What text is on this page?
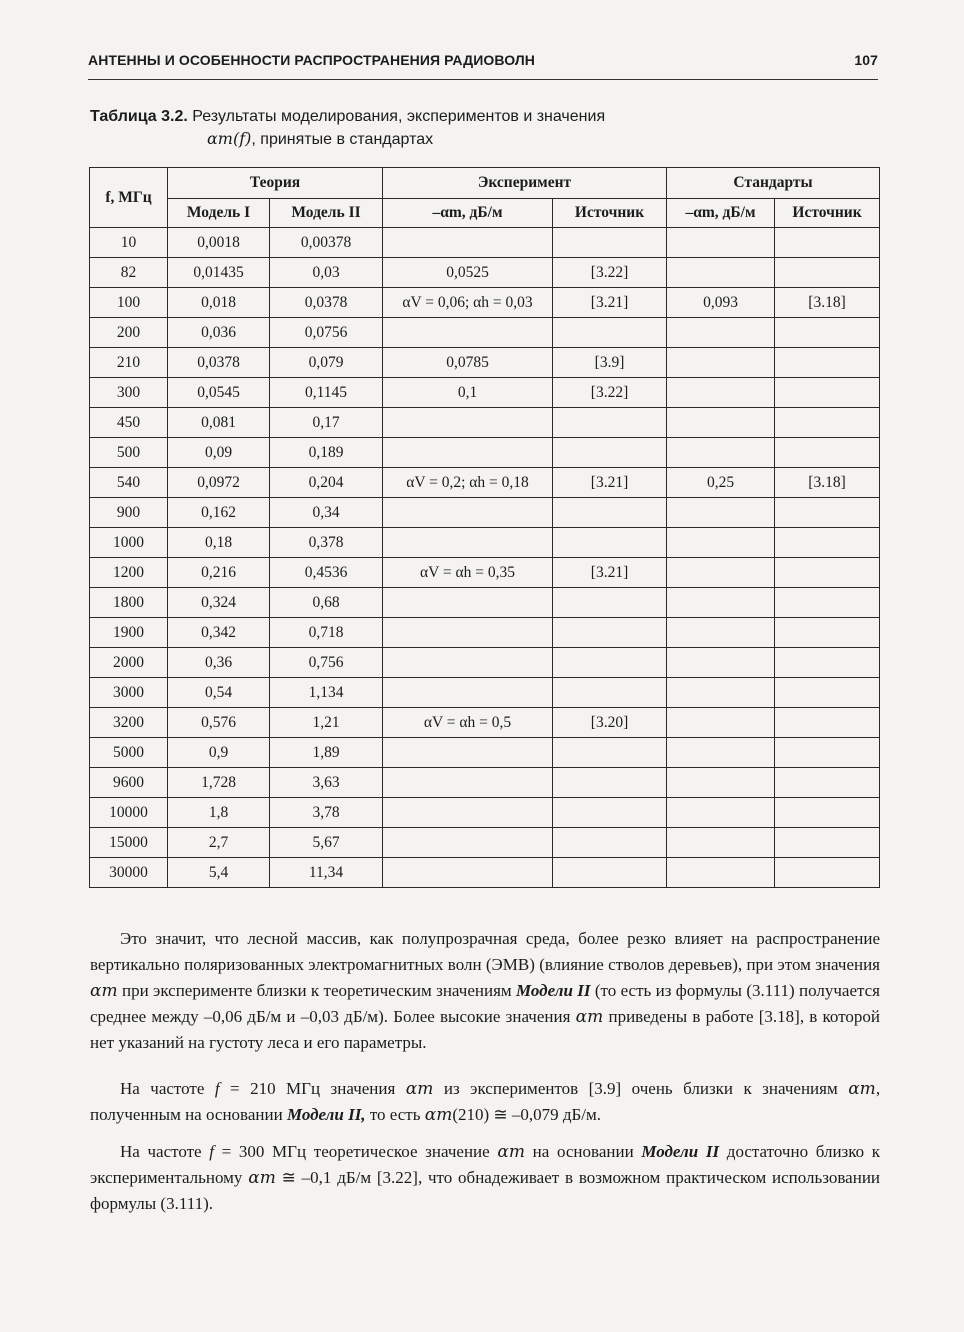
АНТЕННЫ И ОСОБЕННОСТИ РАСПРОСТРАНЕНИЯ РАДИОВОЛН	107
Таблица 3.2. Результаты моделирования, экспериментов и значения
αm(f), принятые в стандартах
f, МГц	Теория		Эксперимент		Стандарты	
	Модель I	Модель II	–αm, дБ/м	Источник	–αm, дБ/м	Источник
10	0,0018	0,00378				
82	0,01435	0,03	0,0525	[3.22]		
100	0,018	0,0378	αV = 0,06; αh = 0,03	[3.21]	0,093	[3.18]
200	0,036	0,0756				
210	0,0378	0,079	0,0785	[3.9]		
300	0,0545	0,1145	0,1	[3.22]		
450	0,081	0,17				
500	0,09	0,189				
540	0,0972	0,204	αV = 0,2; αh = 0,18	[3.21]	0,25	[3.18]
900	0,162	0,34				
1000	0,18	0,378				
1200	0,216	0,4536	αV = αh = 0,35	[3.21]		
1800	0,324	0,68				
1900	0,342	0,718				
2000	0,36	0,756				
3000	0,54	1,134				
3200	0,576	1,21	αV = αh = 0,5	[3.20]		
5000	0,9	1,89				
9600	1,728	3,63				
10000	1,8	3,78				
15000	2,7	5,67				
30000	5,4	11,34				

Это значит, что лесной массив, как полупрозрачная среда, более резко влияет на распространение вертикально поляризованных электромагнитных волн (ЭМВ) (влияние стволов деревьев), при этом значения αm при эксперименте близки к теоретическим значениям Модели II (то есть из формулы (3.111) получается среднее между –0,06 дБ/м и –0,03 дБ/м). Более высокие значения αm приведены в работе [3.18], в которой нет указаний на густоту леса и его параметры.

На частоте f = 210 МГц значения αm из экспериментов [3.9] очень близки к значениям αm, полученным на основании Модели II, то есть αm(210) ≅ –0,079 дБ/м.

На частоте f = 300 МГц теоретическое значение αm на основании Модели II достаточно близко к экспериментальному αm ≅ –0,1 дБ/м [3.22], что обнадеживает в возможном практическом использовании формулы (3.111).
